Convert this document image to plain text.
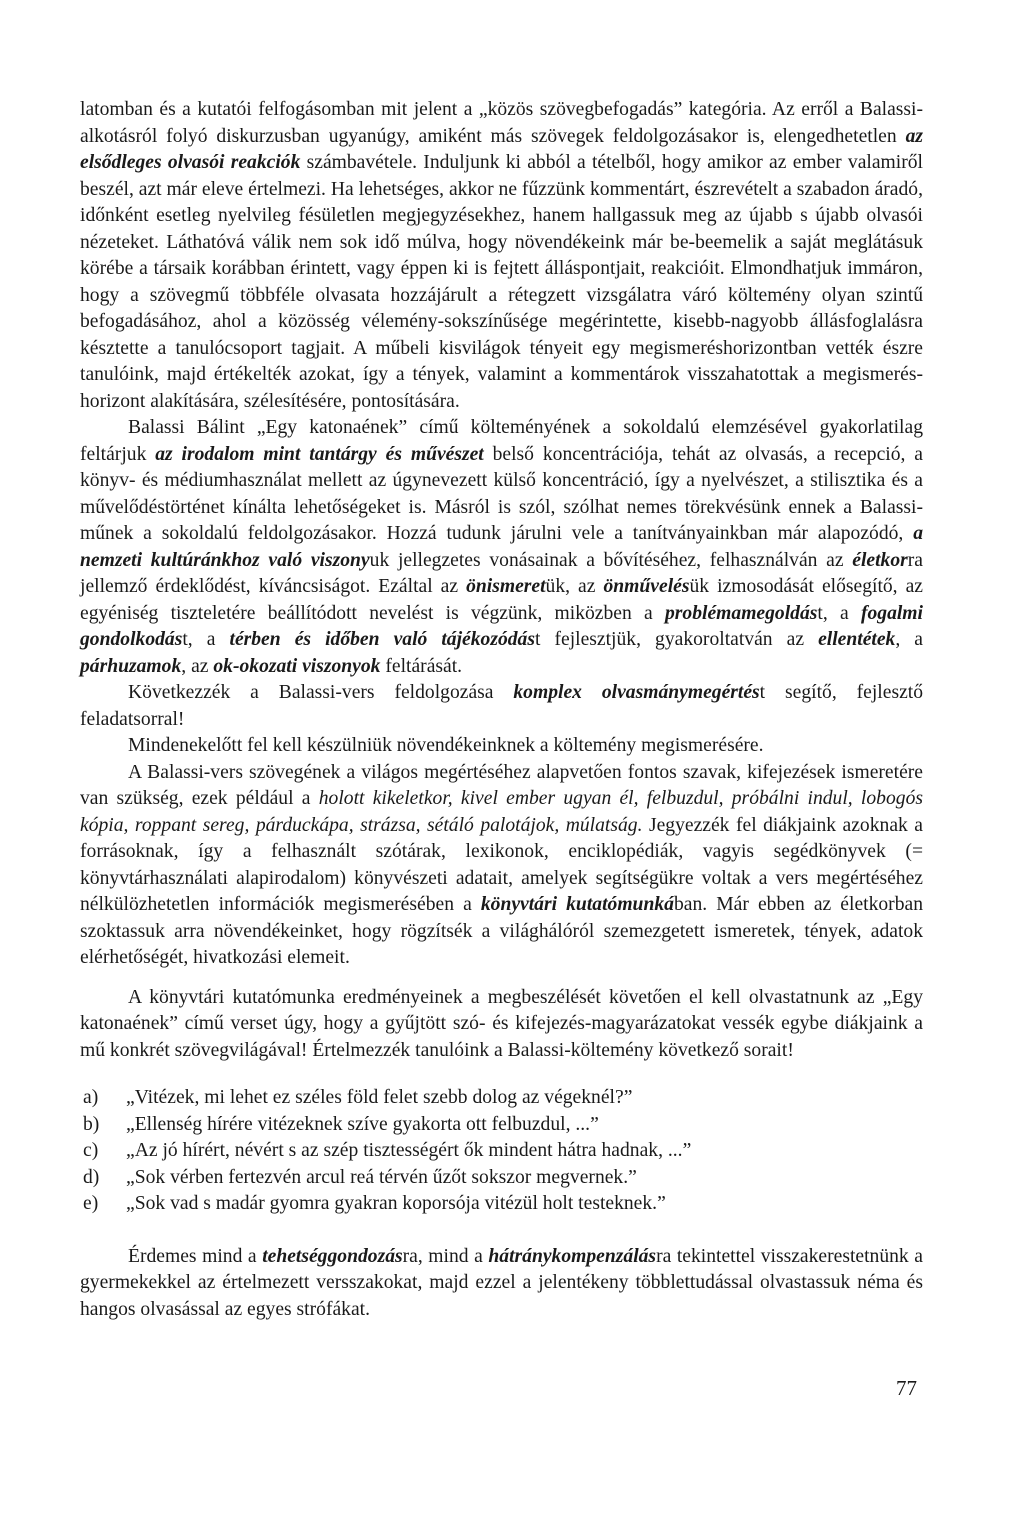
latomban és a kutatói felfogásomban mit jelent a „közös szövegbefogadás” kategória. Az erről a Balassi-alkotásról folyó diskurzusban ugyanúgy, amiként más szövegek feldolgozásakor is, elengedhetetlen az elsődleges olvasói reakciók számbavétele. Induljunk ki abból a tételből, hogy amikor az ember valamiről beszél, azt már eleve értelmezi. Ha lehetséges, akkor ne fűzzünk kommentárt, észrevételt a szabadon áradó, időnként esetleg nyelvileg fésületlen megjegyzésekhez, hanem hallgassuk meg az újabb s újabb olvasói nézeteket. Láthatóvá válik nem sok idő múlva, hogy növendékeink már be-beemelik a saját meglátásuk körébe a társaik korábban érintett, vagy éppen ki is fejtett álláspontjait, reakcióit. Elmondhatjuk immáron, hogy a szövegmű többféle olvasata hozzájárult a rétegzett vizsgálatra váró költemény olyan szintű befogadásához, ahol a közösség vélemény-sokszínűsége megérintette, kisebb-nagyobb állásfoglalásra késztette a tanulócsoport tagjait. A műbeli kisvilágok tényeit egy megismeréshorizontban vették észre tanulóink, majd értékelték azokat, így a tények, valamint a kommentárok visszahatottak a megismerés-horizont alakítására, szélesítésére, pontosítására.

Balassi Bálint „Egy katonaének” című költeményének a sokoldalú elemzésével gyakorlatilag feltárjuk az irodalom mint tantárgy és művészet belső koncentrációja, tehát az olvasás, a recepció, a könyv- és médiumhasználat mellett az úgynevezett külső koncentráció, így a nyelvészet, a stilisztika és a művelődéstörténet kínálta lehetőségeket is. Másról is szól, szólhat nemes törekvésünk ennek a Balassi-műnek a sokoldalú feldolgozásakor. Hozzá tudunk járulni vele a tanítványainkban már alapozódó, a nemzeti kultúránkhoz való viszonyuk jellegzetes vonásainak a bővítéséhez, felhasználván az életkorra jellemző érdeklődést, kíváncsiságot. Ezáltal az önismeretük, az önművelésük izmosodását elősegítő, az egyéniség tiszteletére beállítódott nevelést is végzünk, miközben a problémamegoldást, a fogalmi gondolkodást, a térben és időben való tájékozódást fejlesztjük, gyakoroltatván az ellentétek, a párhuzamok, az ok-okozati viszonyok feltárását.

Következzék a Balassi-vers feldolgozása komplex olvasmánymegértést segítő, fejlesztő feladatsorral!

Mindenekelőtt fel kell készülniük növendékeinknek a költemény megismerésére.

A Balassi-vers szövegének a világos megértéséhez alapvetően fontos szavak, kifejezések ismeretére van szükség, ezek például a holott kikeletkor, kivel ember ugyan él, felbuzdul, próbálni indul, lobogós kópia, roppant sereg, párduckápa, strázsa, sétáló palotájok, múlatság. Jegyezzék fel diákjaink azoknak a forrásoknak, így a felhasznált szótárak, lexikonok, enciklopédiák, vagyis segédkönyvek (= könyvtárhasználati alapirodalom) könyvészeti adatait, amelyek segítségükre voltak a vers megértéséhez nélkülözhetetlen információk megismerésében a könyvtári kutatómunkában. Már ebben az életkorban szoktassuk arra növendékeinket, hogy rögzítsék a világhálóról szemezgetett ismeretek, tények, adatok elérhetőségét, hivatkozási elemeit.

A könyvtári kutatómunka eredményeinek a megbeszélését követően el kell olvastatnunk az „Egy katonaének” című verset úgy, hogy a gyűjtött szó- és kifejezés-magyarázatokat vessék egybe diákjaink a mű konkrét szövegvilágával! Értelmezzék tanulóink a Balassi-költemény következő sorait!

a)	„Vitézek, mi lehet ez széles föld felet szebb dolog az végeknél?”
b)	„Ellenség hírére vitézeknek szíve gyakorta ott felbuzdul, ...”
c)	„Az jó hírért, névért s az szép tisztességért ők mindent hátra hadnak, ...”
d)	„Sok vérben fertezvén arcul reá térvén űzőt sokszor megvernek.”
e)	„Sok vad s madár gyomra gyakran koporsója vitézül holt testeknek.”

Érdemes mind a tehetséggondozásra, mind a hátránykompenzálásra tekintettel visszakerestetnünk a gyermekekkel az értelmezett versszakokat, majd ezzel a jelentékeny többlettudással olvastassuk néma és hangos olvasással az egyes strófákat.

77
